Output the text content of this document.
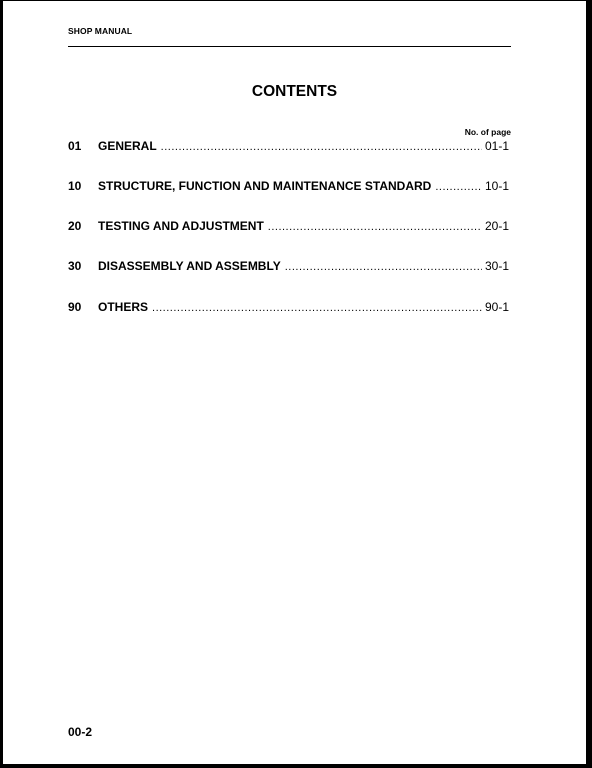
SHOP MANUAL
CONTENTS
No. of page
01	GENERAL .....	01-1
10	STRUCTURE, FUNCTION AND MAINTENANCE STANDARD .....	10-1
20	TESTING AND ADJUSTMENT .....	20-1
30	DISASSEMBLY AND ASSEMBLY .....	30-1
90	OTHERS .....	90-1
00-2
